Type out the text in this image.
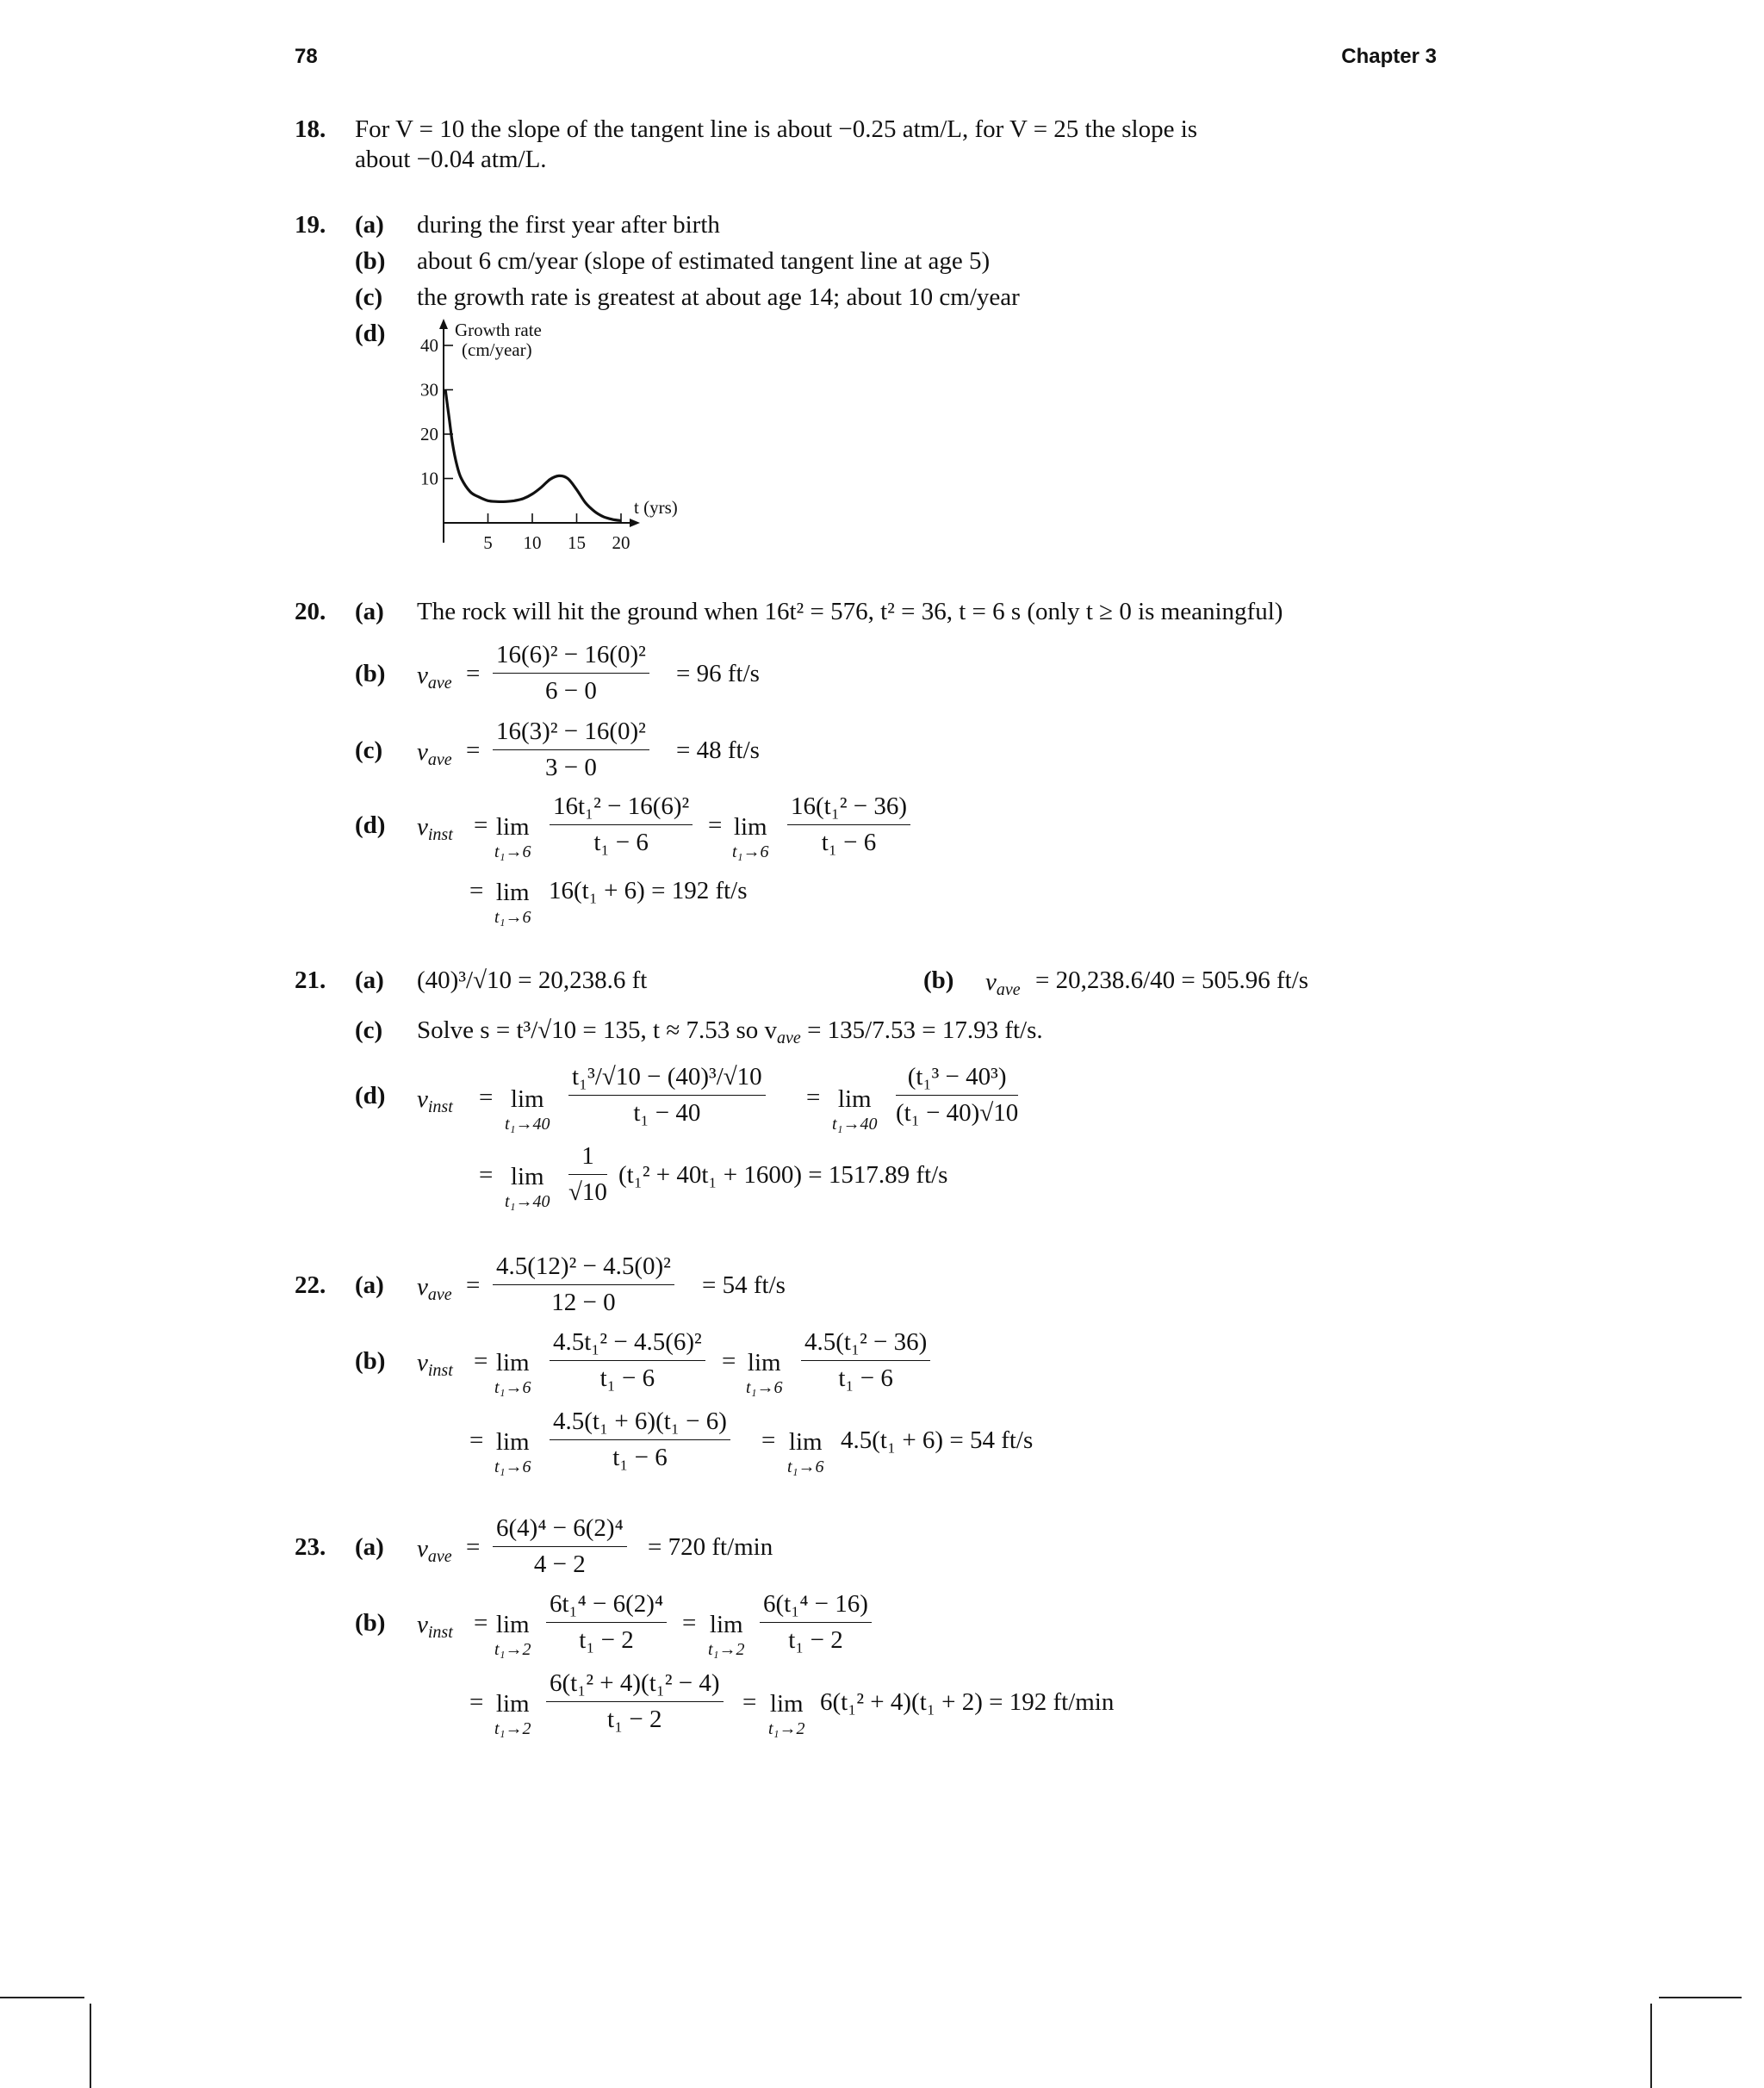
78	Chapter 3
18. For V = 10 the slope of the tangent line is about −0.25 atm/L, for V = 25 the slope is
about −0.04 atm/L.
19. (a) during the first year after birth
(b) about 6 cm/year (slope of estimated tangent line at age 5)
(c) the growth rate is greatest at about age 14; about 10 cm/year
(d)
10
20
30
40
5 10 15 20
Growth rate
(cm/year)
t (yrs)
20. (a) The rock will hit the ground when 16t² = 576, t² = 36, t = 6 s (only t ≥ 0 is meaningful)
(b) $v_{ave}$ =
16(6)² − 16(0)²
6 − 0
= 96 ft/s
(c) $v_{ave}$ =
16(3)² − 16(0)²
3 − 0
= 48 ft/s
(d) $v_{inst} = \lim$
t₁→6
16t₁² − 16(6)²
t₁ − 6
= lim
t₁→6
16(t₁² − 36)
t₁ − 6
= lim
t₁→6
16(t₁ + 6) = 192 ft/s
21. (a) (40)³/√10 = 20,238.6 ft	(b) $v_{ave} = 20,238.6/40 = 505.96$ ft/s
(c) Solve s = t³/√10 = 135, t ≈ 7.53 so $v_{ave} = 135/7.53 = 17.93$ ft/s.
(d) $v_{inst} = \lim$
t₁→40
t₁³/√10 − (40)³/√10
t₁ − 40
= lim
t₁→40
(t₁³ − 40³)
(t₁ − 40)√10
= lim
t₁→40
1
√10
(t₁² + 40t₁ + 1600) = 1517.89 ft/s
22. (a) $v_{ave}$ =
4.5(12)² − 4.5(0)²
12 − 0
= 54 ft/s
(b) $v_{inst} = \lim$
t₁→6
4.5t₁² − 4.5(6)²
t₁ − 6
= lim
t₁→6
4.5(t₁² − 36)
t₁ − 6
= lim
t₁→6
4.5(t₁ + 6)(t₁ − 6)
t₁ − 6
= lim
t₁→6
4.5(t₁ + 6) = 54 ft/s
23. (a) $v_{ave}$ =
6(4)⁴ − 6(2)⁴
4 − 2
= 720 ft/min
(b) $v_{inst} = \lim$
t₁→2
6t₁⁴ − 6(2)⁴
t₁ − 2
= lim
t₁→2
6(t₁⁴ − 16)
t₁ − 2
= lim
t₁→2
6(t₁² + 4)(t₁² − 4)
t₁ − 2
= lim
t₁→2
6(t₁² + 4)(t₁ + 2) = 192 ft/min
